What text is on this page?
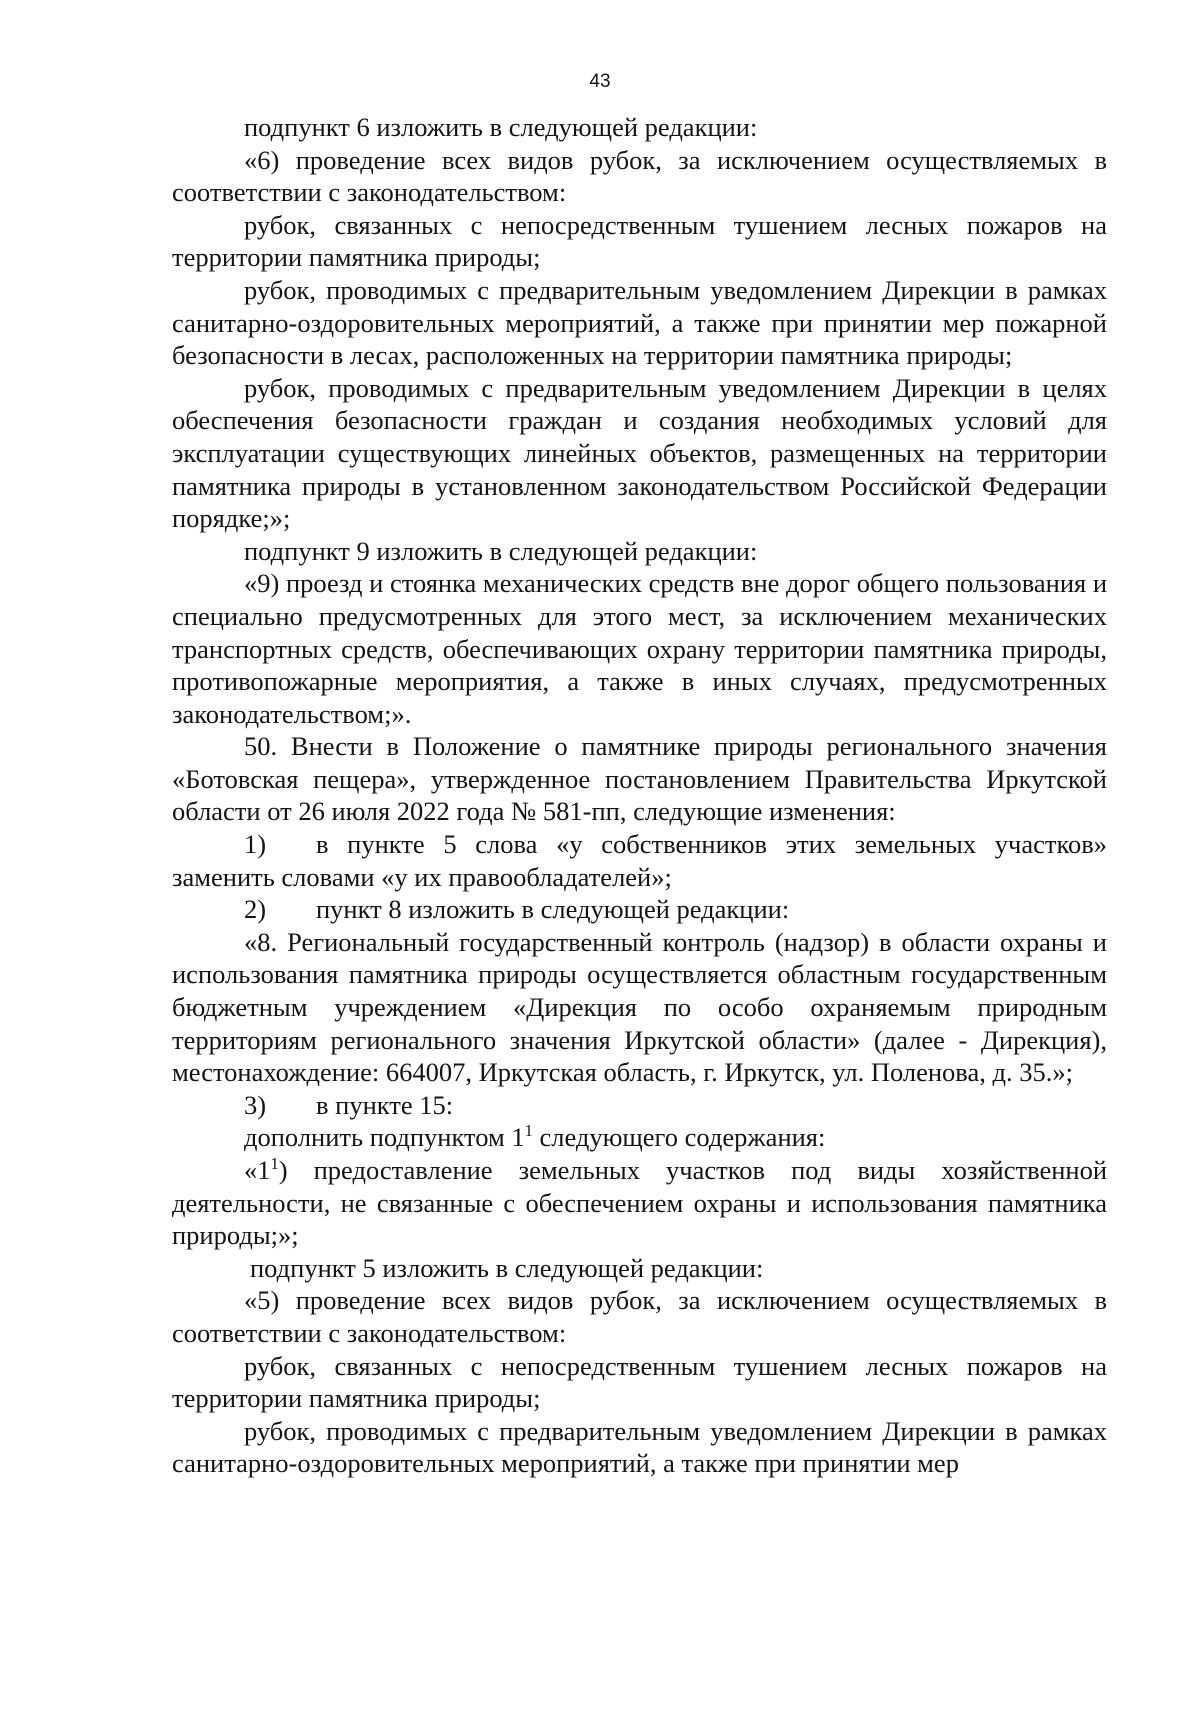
43

подпункт 6 изложить в следующей редакции:

«6) проведение всех видов рубок, за исключением осуществляемых в соответствии с законодательством:

рубок, связанных с непосредственным тушением лесных пожаров на территории памятника природы;

рубок, проводимых с предварительным уведомлением Дирекции в рамках санитарно-оздоровительных мероприятий, а также при принятии мер пожарной безопасности в лесах, расположенных на территории памятника природы;

рубок, проводимых с предварительным уведомлением Дирекции в целях обеспечения безопасности граждан и создания необходимых условий для эксплуатации существующих линейных объектов, размещенных на территории памятника природы в установленном законодательством Российской Федерации порядке;»;

подпункт 9 изложить в следующей редакции:

«9) проезд и стоянка механических средств вне дорог общего пользования и специально предусмотренных для этого мест, за исключением механических транспортных средств, обеспечивающих охрану территории памятника природы, противопожарные мероприятия, а также в иных случаях, предусмотренных законодательством;».

50. Внести в Положение о памятнике природы регионального значения «Ботовская пещера», утвержденное постановлением Правительства Иркутской области от 26 июля 2022 года № 581-пп, следующие изменения:

1) в пункте 5 слова «у собственников этих земельных участков» заменить словами «у их правообладателей»;

2) пункт 8 изложить в следующей редакции:

«8. Региональный государственный контроль (надзор) в области охраны и использования памятника природы осуществляется областным государственным бюджетным учреждением «Дирекция по особо охраняемым природным территориям регионального значения Иркутской области» (далее - Дирекция), местонахождение: 664007, Иркутская область, г. Иркутск, ул. Поленова, д. 35.»;

3) в пункте 15:

дополнить подпунктом $1^1$ следующего содержания:

«$1^1$) предоставление земельных участков под виды хозяйственной деятельности, не связанные с обеспечением охраны и использования памятника природы;»;

подпункт 5 изложить в следующей редакции:

«5) проведение всех видов рубок, за исключением осуществляемых в соответствии с законодательством:

рубок, связанных с непосредственным тушением лесных пожаров на территории памятника природы;

рубок, проводимых с предварительным уведомлением Дирекции в рамках санитарно-оздоровительных мероприятий, а также при принятии мер
